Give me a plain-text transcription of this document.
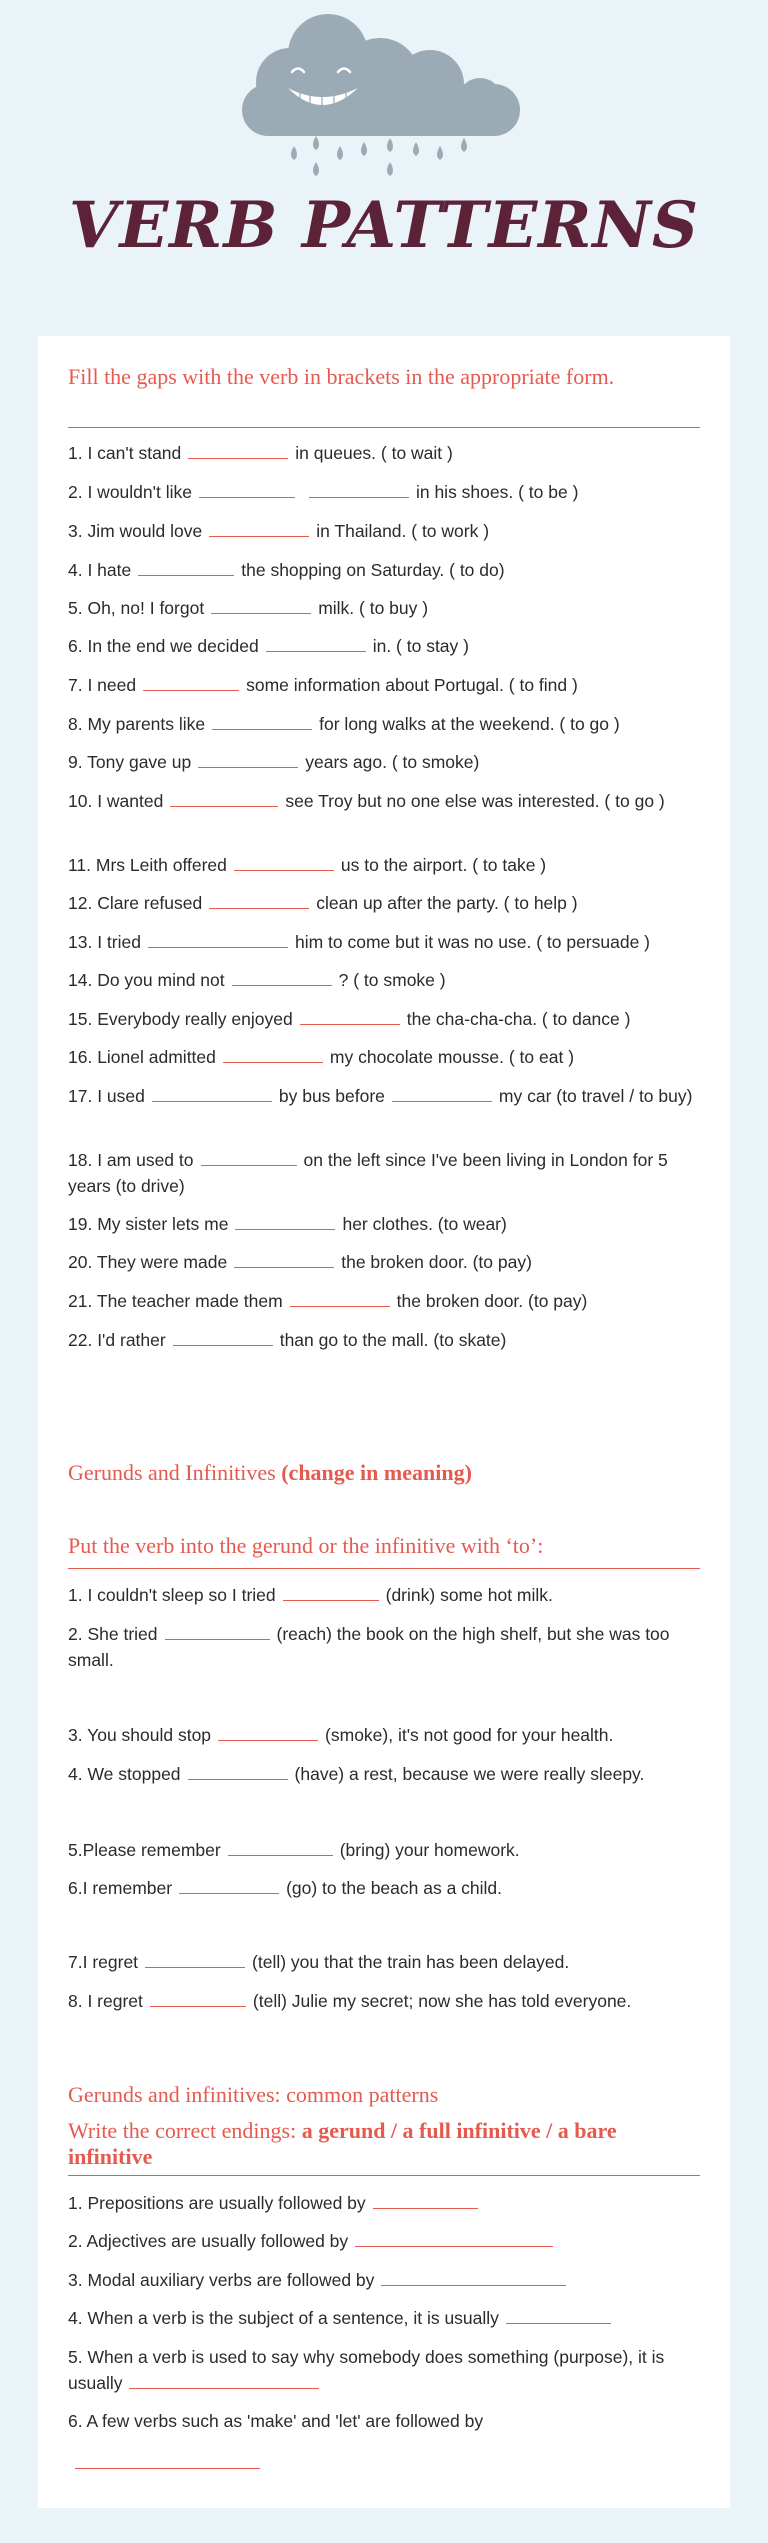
VERB PATTERNS
Fill the gaps with the verb in brackets in the appropriate form.
1. I can't stand	in queues. ( to wait )
2. I wouldn't like	in his shoes. ( to be )
3. Jim would love	in Thailand. ( to work )
4. I hate	the shopping on Saturday. ( to do)
5. Oh, no! I forgot	milk. ( to buy )
6. In the end we decided	in. ( to stay )
7. I need	some information about Portugal. ( to find )
8. My parents like	for long walks at the weekend. ( to go )
9. Tony gave up	years ago. ( to smoke)
10. I wanted	see Troy but no one else was interested. ( to go )
11. Mrs Leith offered	us to the airport. ( to take )
12. Clare refused	clean up after the party. ( to help )
13. I tried	him to come but it was no use. ( to persuade )
14. Do you mind not	? ( to smoke )
15. Everybody really enjoyed	the cha-cha-cha. ( to dance )
16. Lionel admitted	my chocolate mousse. ( to eat )
17. I used	by bus before	my car (to travel / to buy)
18. I am used to	on the left since I've been living in London for 5 years (to drive)
19. My sister lets me	her clothes. (to wear)
20. They were made	the broken door. (to pay)
21. The teacher made them	the broken door. (to pay)
22. I'd rather	than go to the mall. (to skate)
Gerunds and Infinitives (change in meaning)
Put the verb into the gerund or the infinitive with ‘to’:
1. I couldn't sleep so I tried	(drink) some hot milk.
2. She tried	(reach) the book on the high shelf, but she was too small.
3. You should stop	(smoke), it's not good for your health.
4. We stopped	(have) a rest, because we were really sleepy.
5.Please remember	(bring) your homework.
6.I remember	(go) to the beach as a child.
7.I regret	(tell) you that the train has been delayed.
8. I regret	(tell) Julie my secret; now she has told everyone.
Gerunds and infinitives: common patterns
Write the correct endings: a gerund / a full infinitive / a bare infinitive
1. Prepositions are usually followed by
2. Adjectives are usually followed by
3. Modal auxiliary verbs are followed by
4. When a verb is the subject of a sentence, it is usually
5. When a verb is used to say why somebody does something (purpose), it is usually
6. A few verbs such as 'make' and 'let' are followed by
